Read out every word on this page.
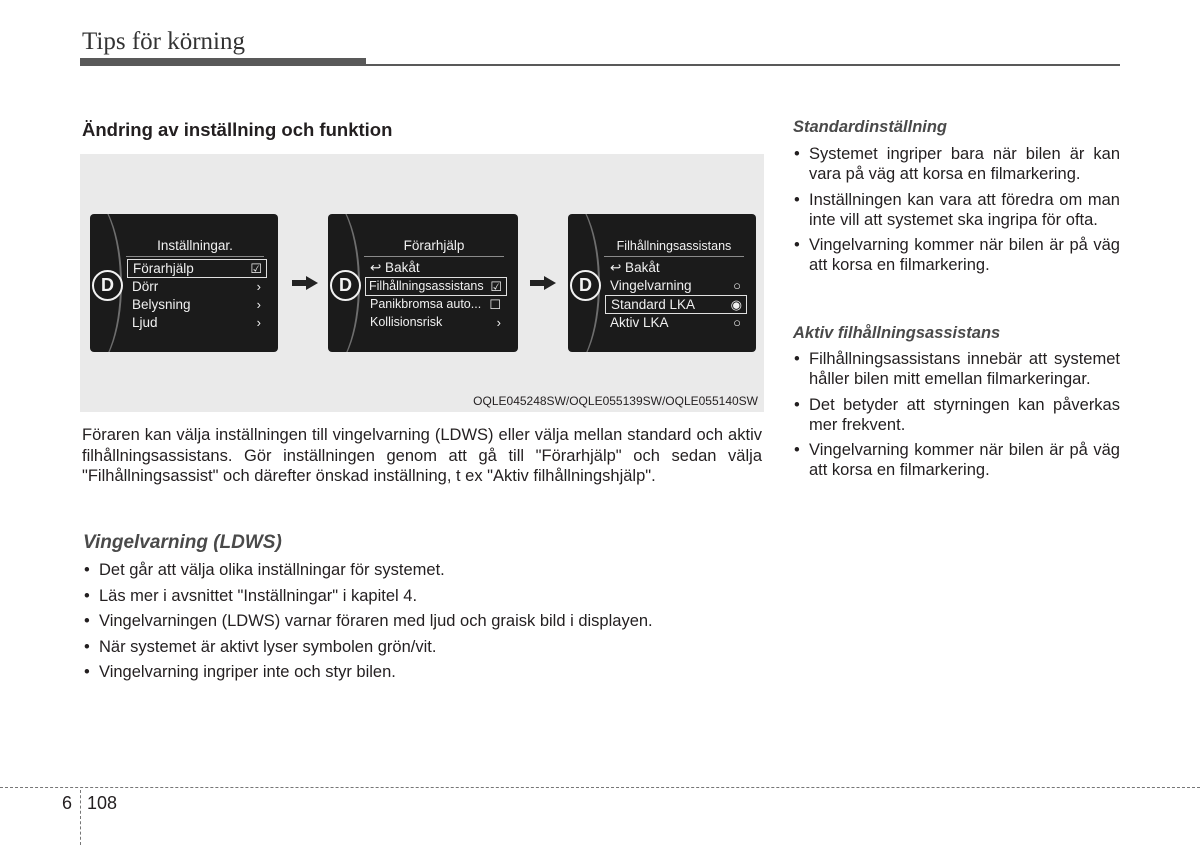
Tips för körning
Ändring av inställning och funktion
D
Inställningar.
Förarhjälp	☑
Dörr	›
Belysning	›
Ljud	›
D
Förarhjälp
↩ Bakåt
Filhållningsassistans ☑
Panikbromsa auto... ☐
Kollisionsrisk	›
D
Filhållningsassistans
↩ Bakåt
Vingelvarning	○
Standard LKA	◉
Aktiv LKA	○
OQLE045248SW/OQLE055139SW/OQLE055140SW
Föraren kan välja inställningen till vingelvarning (LDWS) eller välja mellan standard och aktiv filhållningsassistans. Gör inställningen genom att gå till "Förarhjälp" och sedan välja "Filhållningsassist" och därefter önskad inställning, t ex "Aktiv filhållningshjälp".
Vingelvarning (LDWS)
• Det går att välja olika inställningar för systemet.
• Läs mer i avsnittet "Inställningar" i kapitel 4.
• Vingelvarningen (LDWS) varnar föraren med ljud och graisk bild i displayen.
• När systemet är aktivt lyser symbolen grön/vit.
• Vingelvarning ingriper inte och styr bilen.
Standardinställning
• Systemet ingriper bara när bilen är kan vara på väg att korsa en filmarkering.
• Inställningen kan vara att föredra om man inte vill att systemet ska ingripa för ofta.
• Vingelvarning kommer när bilen är på väg att korsa en filmarkering.
Aktiv filhållningsassistans
• Filhållningsassistans innebär att systemet håller bilen mitt emellan filmarkeringar.
• Det betyder att styrningen kan påverkas mer frekvent.
• Vingelvarning kommer när bilen är på väg att korsa en filmarkering.
6 108
